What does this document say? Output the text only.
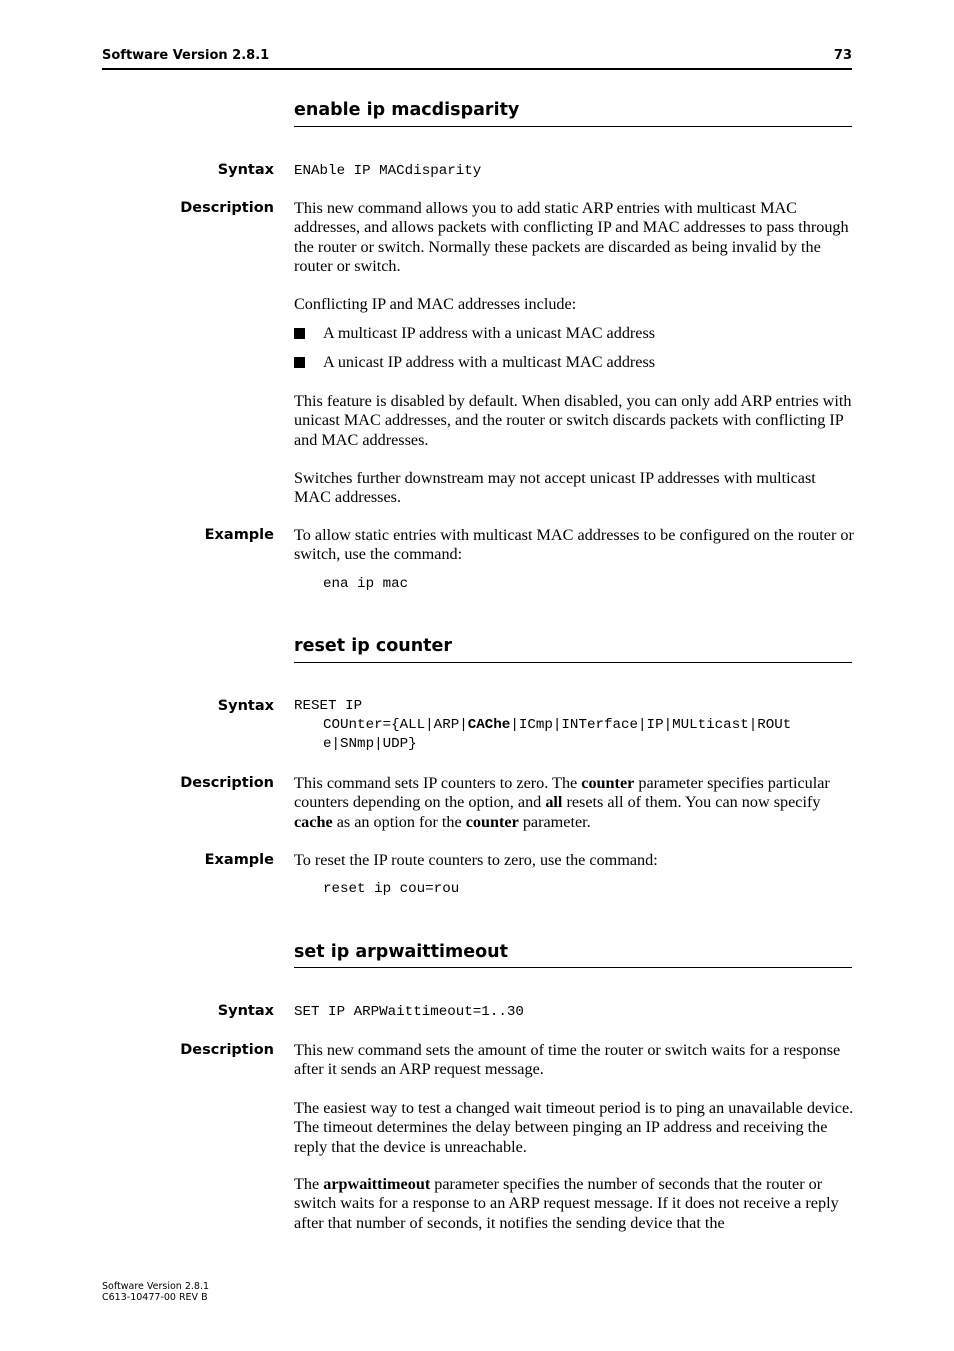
Software Version 2.8.1	73
enable ip macdisparity
Syntax ENAble IP MACdisparity
Description This new command allows you to add static ARP entries with multicast MAC addresses, and allows packets with conflicting IP and MAC addresses to pass through the router or switch. Normally these packets are discarded as being invalid by the router or switch.
Conflicting IP and MAC addresses include:
A multicast IP address with a unicast MAC address
A unicast IP address with a multicast MAC address
This feature is disabled by default. When disabled, you can only add ARP entries with unicast MAC addresses, and the router or switch discards packets with conflicting IP and MAC addresses.
Switches further downstream may not accept unicast IP addresses with multicast MAC addresses.
Example To allow static entries with multicast MAC addresses to be configured on the router or switch, use the command:
ena ip mac
reset ip counter
Syntax RESET IP
COUnter={ALL|ARP|CAChe|ICmp|INTerface|IP|MULticast|ROUt
e|SNmp|UDP}
Description This command sets IP counters to zero. The counter parameter specifies particular counters depending on the option, and all resets all of them. You can now specify cache as an option for the counter parameter.
Example To reset the IP route counters to zero, use the command:
reset ip cou=rou
set ip arpwaittimeout
Syntax SET IP ARPWaittimeout=1..30
Description This new command sets the amount of time the router or switch waits for a response after it sends an ARP request message.
The easiest way to test a changed wait timeout period is to ping an unavailable device. The timeout determines the delay between pinging an IP address and receiving the reply that the device is unreachable.
The arpwaittimeout parameter specifies the number of seconds that the router or switch waits for a response to an ARP request message. If it does not receive a reply after that number of seconds, it notifies the sending device that the
Software Version 2.8.1
C613-10477-00 REV B
